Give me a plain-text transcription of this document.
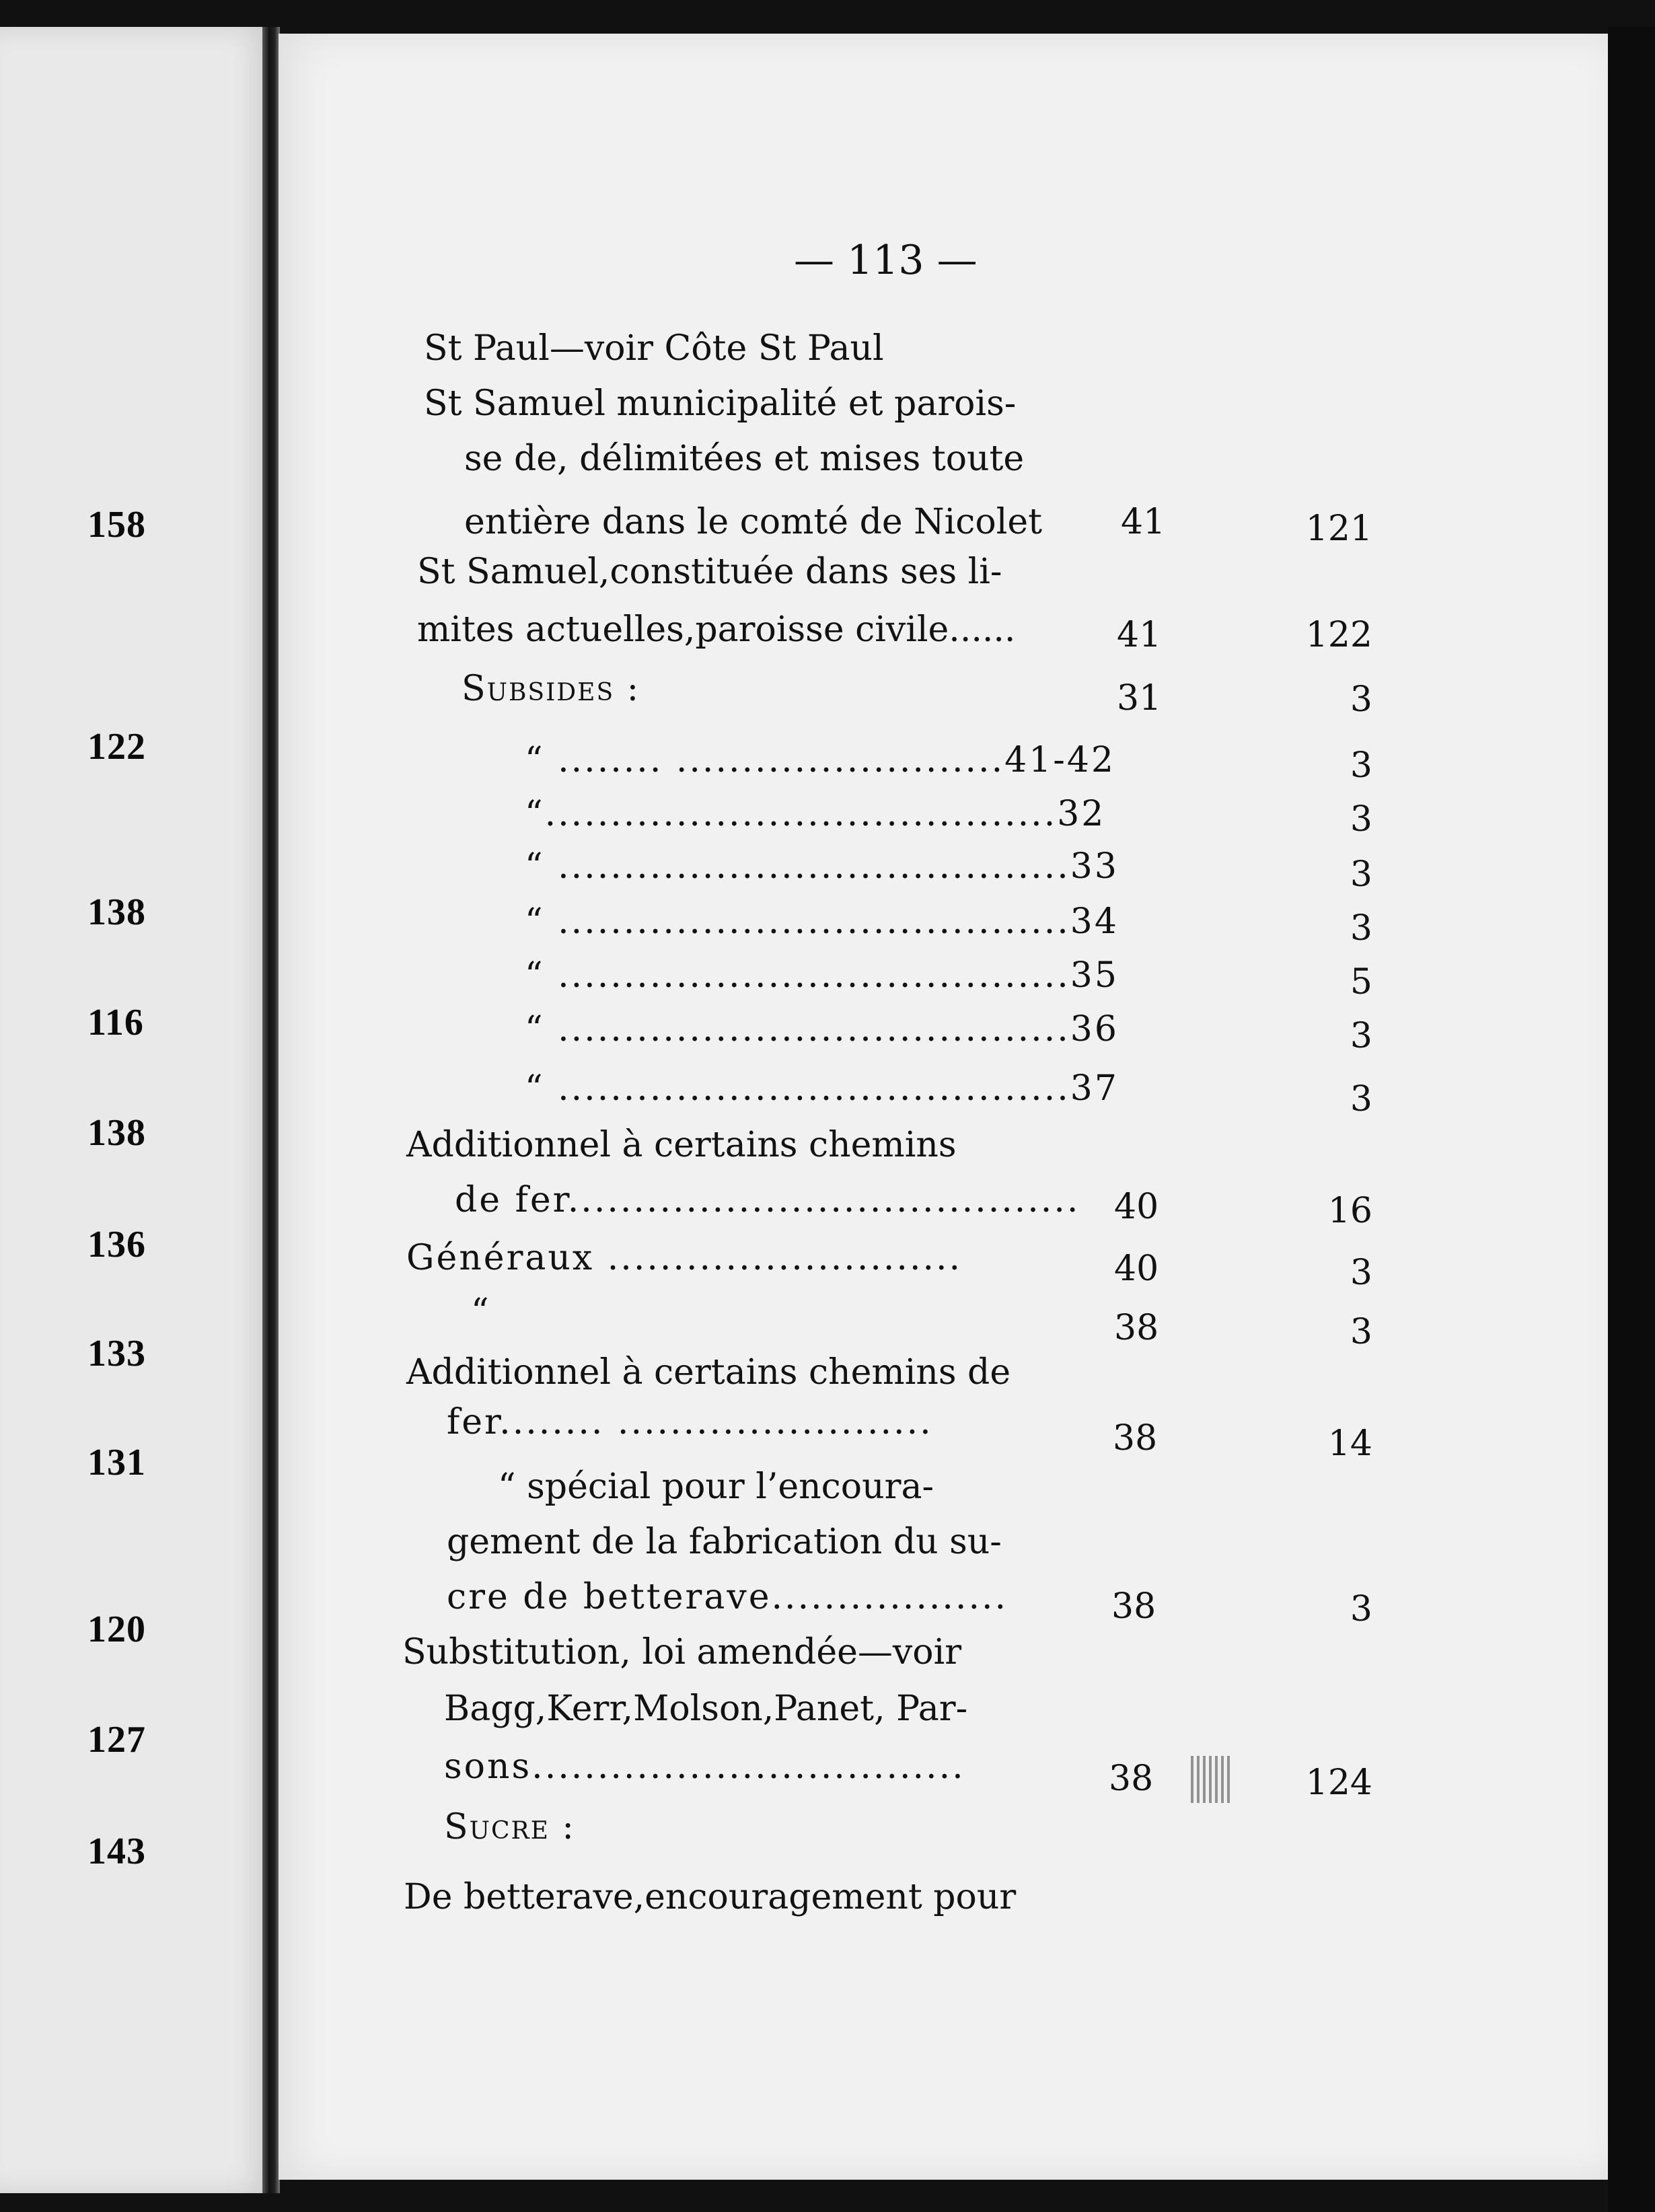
158
122
138
116
138
136
133
131
120
127
143
— 113 —
St Paul—voir Côte St Paul
St Samuel municipalité et parois-
se de, délimitées et mises toute
entière dans le comté de Nicolet 41	121
St Samuel,constituée dans ses li-
mites actuelles,paroisse civile......	41	122
Subsides :	31	3
“ ........ .........................41-42	3
“.......................................32	3
“ .......................................33	3
“ .......................................34	3
“ .......................................35	5
“ .......................................36	3
“ .......................................37	3
Additionnel à certains chemins
de fer....................................... 40	16
Généraux ...........................	40	3
“	38	3
Additionnel à certains chemins de
fer........ ........................	38	14
“ spécial pour l’encoura-
gement de la fabrication du su-
cre de betterave..................	38	3
Substitution, loi amendée—voir
Bagg,Kerr,Molson,Panet, Par-
sons.................................	38	124
Sucre :
De betterave,encouragement pour
